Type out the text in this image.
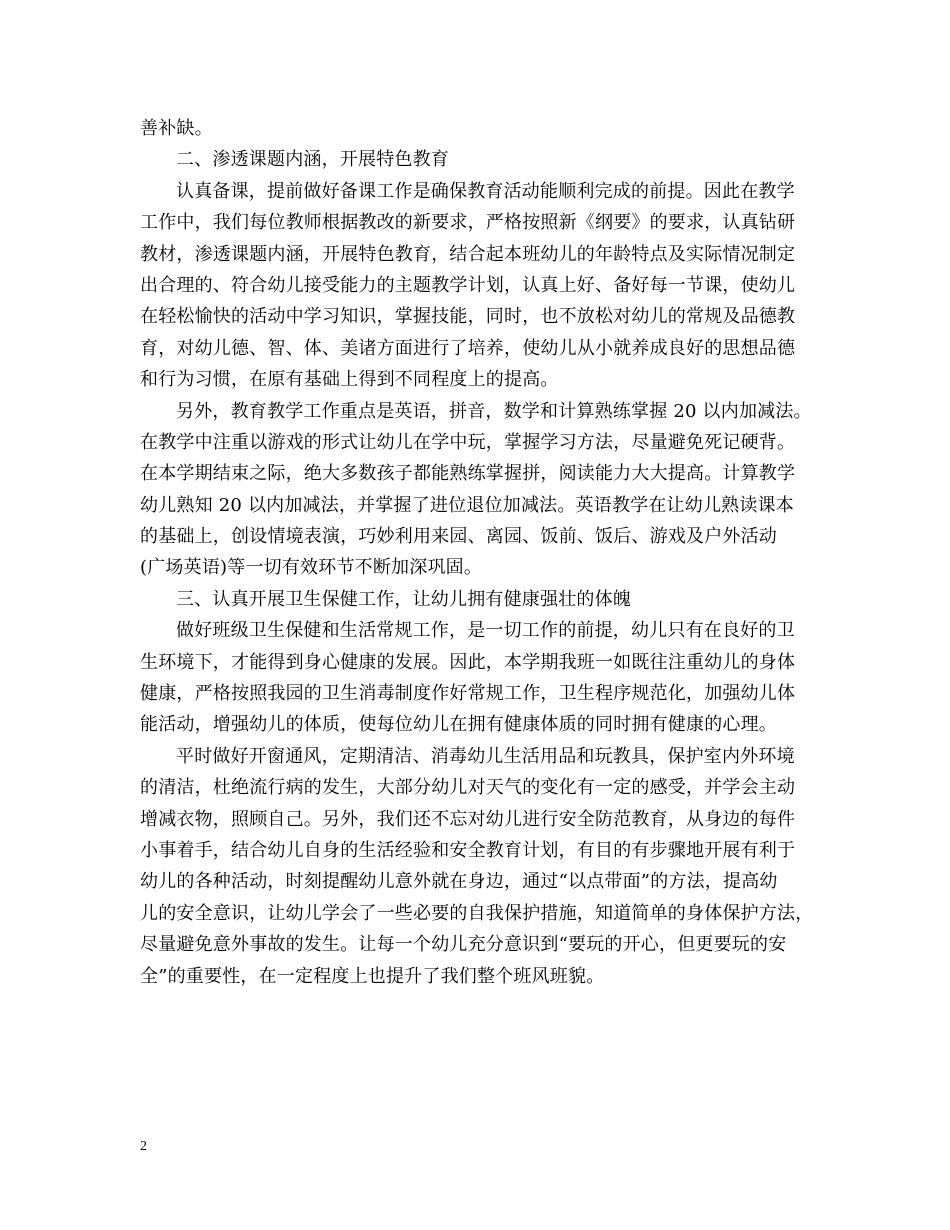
善补缺。
二、渗透课题内涵，开展特色教育
认真备课，提前做好备课工作是确保教育活动能顺利完成的前提。因此在教学
工作中，我们每位教师根据教改的新要求，严格按照新《纲要》的要求，认真钻研
教材，渗透课题内涵，开展特色教育，结合起本班幼儿的年龄特点及实际情况制定
出合理的、符合幼儿接受能力的主题教学计划，认真上好、备好每一节课，使幼儿
在轻松愉快的活动中学习知识，掌握技能，同时，也不放松对幼儿的常规及品德教
育，对幼儿德、智、体、美诸方面进行了培养，使幼儿从小就养成良好的思想品德
和行为习惯，在原有基础上得到不同程度上的提高。
另外，教育教学工作重点是英语，拼音，数学和计算熟练掌握 20 以内加减法。
在教学中注重以游戏的形式让幼儿在学中玩，掌握学习方法，尽量避免死记硬背。
在本学期结束之际，绝大多数孩子都能熟练掌握拼，阅读能力大大提高。计算教学
幼儿熟知 20 以内加减法，并掌握了进位退位加减法。英语教学在让幼儿熟读课本
的基础上，创设情境表演，巧妙利用来园、离园、饭前、饭后、游戏及户外活动
(广场英语)等一切有效环节不断加深巩固。
三、认真开展卫生保健工作，让幼儿拥有健康强壮的体魄
做好班级卫生保健和生活常规工作，是一切工作的前提，幼儿只有在良好的卫
生环境下，才能得到身心健康的发展。因此，本学期我班一如既往注重幼儿的身体
健康，严格按照我园的卫生消毒制度作好常规工作，卫生程序规范化，加强幼儿体
能活动，增强幼儿的体质，使每位幼儿在拥有健康体质的同时拥有健康的心理。
平时做好开窗通风，定期清洁、消毒幼儿生活用品和玩教具，保护室内外环境
的清洁，杜绝流行病的发生，大部分幼儿对天气的变化有一定的感受，并学会主动
增减衣物，照顾自己。另外，我们还不忘对幼儿进行安全防范教育，从身边的每件
小事着手，结合幼儿自身的生活经验和安全教育计划，有目的有步骤地开展有利于
幼儿的各种活动，时刻提醒幼儿意外就在身边，通过“以点带面”的方法，提高幼
儿的安全意识，让幼儿学会了一些必要的自我保护措施，知道简单的身体保护方法，
尽量避免意外事故的发生。让每一个幼儿充分意识到“要玩的开心，但更要玩的安
全”的重要性，在一定程度上也提升了我们整个班风班貌。
2
